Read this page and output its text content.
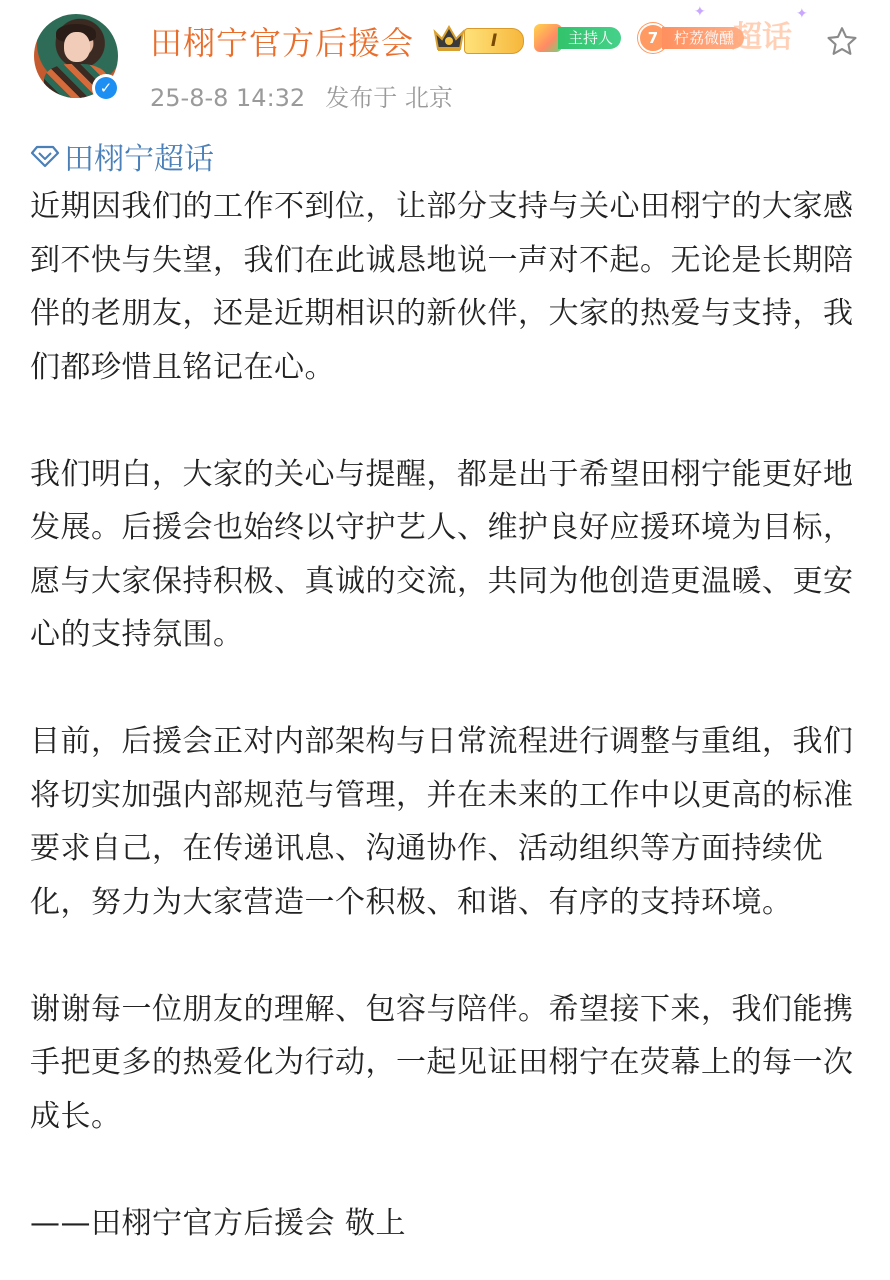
✓
田栩宁官方后援会	I	主持人	7	柠荔微醺
超话
✦	✦
25-8-8 14:32 发布于 北京
田栩宁超话

近期因我们的工作不到位，让部分支持与关心田栩宁的大家感到不快与失望，我们在此诚恳地说一声对不起。无论是长期陪伴的老朋友，还是近期相识的新伙伴，大家的热爱与支持，我们都珍惜且铭记在心。

我们明白，大家的关心与提醒，都是出于希望田栩宁能更好地发展。后援会也始终以守护艺人、维护良好应援环境为目标，愿与大家保持积极、真诚的交流，共同为他创造更温暖、更安心的支持氛围。

目前，后援会正对内部架构与日常流程进行调整与重组，我们将切实加强内部规范与管理，并在未来的工作中以更高的标准要求自己，在传递讯息、沟通协作、活动组织等方面持续优化，努力为大家营造一个积极、和谐、有序的支持环境。

谢谢每一位朋友的理解、包容与陪伴。希望接下来，我们能携手把更多的热爱化为行动，一起见证田栩宁在荧幕上的每一次成长。

——田栩宁官方后援会 敬上
